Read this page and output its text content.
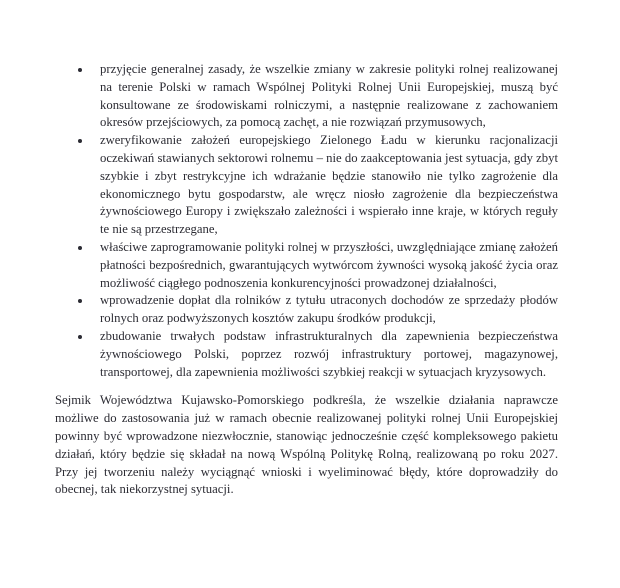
przyjęcie generalnej zasady, że wszelkie zmiany w zakresie polityki rolnej realizowanej na terenie Polski w ramach Wspólnej Polityki Rolnej Unii Europejskiej, muszą być konsultowane ze środowiskami rolniczymi, a następnie realizowane z zachowaniem okresów przejściowych, za pomocą zachęt, a nie rozwiązań przymusowych,
zweryfikowanie założeń europejskiego Zielonego Ładu w kierunku racjonalizacji oczekiwań stawianych sektorowi rolnemu – nie do zaakceptowania jest sytuacja, gdy zbyt szybkie i zbyt restrykcyjne ich wdrażanie będzie stanowiło nie tylko zagrożenie dla ekonomicznego bytu gospodarstw, ale wręcz niosło zagrożenie dla bezpieczeństwa żywnościowego Europy i zwiększało zależności i wspierało inne kraje, w których reguły te nie są przestrzegane,
właściwe zaprogramowanie polityki rolnej w przyszłości, uwzględniające zmianę założeń płatności bezpośrednich, gwarantujących wytwórcom żywności wysoką jakość życia oraz możliwość ciągłego podnoszenia konkurencyjności prowadzonej działalności,
wprowadzenie dopłat dla rolników z tytułu utraconych dochodów ze sprzedaży płodów rolnych oraz podwyższonych kosztów zakupu środków produkcji,
zbudowanie trwałych podstaw infrastrukturalnych dla zapewnienia bezpieczeństwa żywnościowego Polski, poprzez rozwój infrastruktury portowej, magazynowej, transportowej, dla zapewnienia możliwości szybkiej reakcji w sytuacjach kryzysowych.

Sejmik Województwa Kujawsko-Pomorskiego podkreśla, że wszelkie działania naprawcze możliwe do zastosowania już w ramach obecnie realizowanej polityki rolnej Unii Europejskiej powinny być wprowadzone niezwłocznie, stanowiąc jednocześnie część kompleksowego pakietu działań, który będzie się składał na nową Wspólną Politykę Rolną, realizowaną po roku 2027. Przy jej tworzeniu należy wyciągnąć wnioski i wyeliminować błędy, które doprowadziły do obecnej, tak niekorzystnej sytuacji.
